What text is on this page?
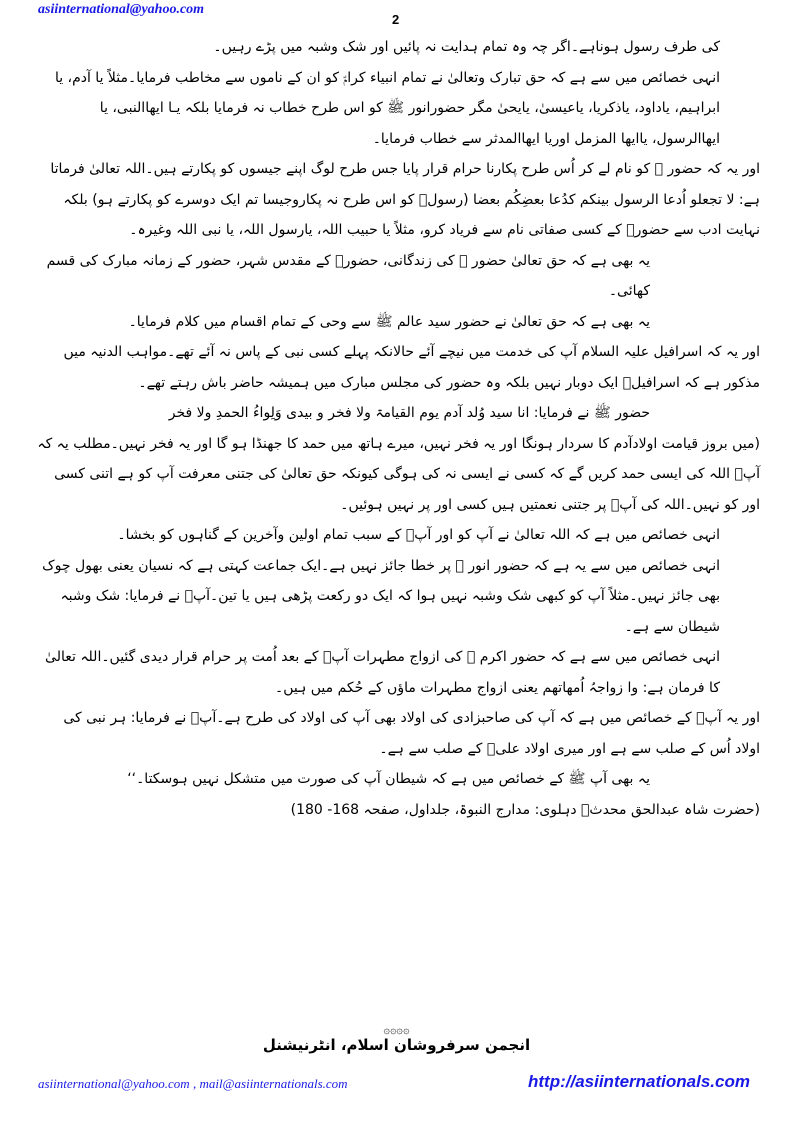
asiinternational@yahoo.com
2

کی طرف رسول ہوناہے۔اگر چہ وہ تمام ہدایت نہ پائیں اور شک وشبہ میں پڑے رہیں۔

انہی خصائص میں سے ہے کہ حق تبارک وتعالیٰ نے تمام انبیاء کرامؑ کو ان کے ناموں سے مخاطب فرمایا۔مثلاً یا آدم، یا ابراہیم، یاداود، یاذکریا، یاعیسیٰ، یایحیٰ مگر حضورانور ﷺ کو اس طرح خطاب نہ فرمایا بلکہ یـا ایھاالنبی، یا ایھاالرسول، یاایھا المزمل اوریا ایھاالمدثر سے خطاب فرمایا۔

اور یہ کہ حضور ﷺ کو نام لے کر اُس طرح پکارنا حرام قرار پایا جس طرح لوگ اپنے جیسوں کو پکارتے ہیں۔اللہ تعالیٰ فرماتا ہے: لا تجعلو اُدعا الرسول بینکم کدُعا بعضِکُم بعضا (رسولؐ کو اس طرح نہ پکاروجیسا تم ایک دوسرے کو پکارتے ہو) بلکہ نہایت ادب سے حضورؐ کے کسی صفاتی نام سے فریاد کرو، مثلاً یا حبیب اللہ، یارسول اللہ، یا نبی اللہ وغیرہ۔

یہ بھی ہے کہ حق تعالیٰ حضور ﷺ کی زندگانی، حضورؐ کے مقدس شہر، حضور کے زمانہ مبارک کی قسم کھائی۔

یہ بھی ہے کہ حق تعالیٰ نے حضور سید عالم ﷺ سے وحی کے تمام اقسام میں کلام فرمایا۔

اور یہ کہ اسرافیل علیہ السلام آپ کی خدمت میں نیچے آئے حالانکہ پہلے کسی نبی کے پاس نہ آئے تھے۔مواہب الدنیہ میں مذکور ہے کہ اسرافیلؑ ایک دوبار نہیں بلکہ وہ حضور کی مجلس مبارک میں ہمیشہ حاضر باش رہتے تھے۔

حضور ﷺ نے فرمایا: انا سید وُلد آدم یوم القیامۃ ولا فخر و بیدی وَلِواءُ الحمدِ ولا فخر

(میں بروز قیامت اولادآدم کا سردار ہونگا اور یہ فخر نہیں، میرے ہاتھ میں حمد کا جھنڈا ہو گا اور یہ فخر نہیں۔مطلب یہ کہ آپؐ اللہ کی ایسی حمد کریں گے کہ کسی نے ایسی نہ کی ہوگی کیونکہ حق تعالیٰ کی جتنی معرفت آپ کو ہے اتنی کسی اور کو نہیں۔اللہ کی آپؐ پر جتنی نعمتیں ہیں کسی اور پر نہیں ہوئیں۔

انہی خصائص میں ہے کہ اللہ تعالیٰ نے آپ کو اور آپؐ کے سبب تمام اولین وآخرین کے گناہوں کو بخشا۔

انہی خصائص میں سے یہ ہے کہ حضور انور ﷺ پر خطا جائز نہیں ہے۔ایک جماعت کہتی ہے کہ نسیان یعنی بھول چوک بھی جائز نہیں۔مثلاً آپ کو کبھی شک وشبہ نہیں ہوا کہ ایک دو رکعت پڑھی ہیں یا تین۔آپؐ نے فرمایا: شک وشبہ شیطان سے ہے۔

انہی خصائص میں سے ہے کہ حضور اکرم ﷺ کی ازواج مطہرات آپؐ کے بعد اُمت پر حرام قرار دیدی گئیں۔اللہ تعالیٰ کا فرمان ہے: وا زواجہُ اُمھاتھم یعنی ازواج مطہرات ماؤں کے حُکم میں ہیں۔

اور یہ آپؐ کے خصائص میں ہے کہ آپ کی صاحبزادی کی اولاد بھی آپ کی اولاد کی طرح ہے۔آپؐ نے فرمایا: ہر نبی کی اولاد اُس کے صلب سے ہے اور میری اولاد علیؑ کے صلب سے ہے۔

یہ بھی آپ ﷺ کے خصائص میں ہے کہ شیطان آپ کی صورت میں متشکل نہیں ہوسکتا۔‘‘

(حضرت شاہ عبدالحق محدثؒ دہلوی: مدارج النبوۃ، جلداول، صفحہ 168- 180)

۞۞۞۞
انجمن سرفروشان اسلام، انٹرنیشنل
asiinternational@yahoo.com , mail@asiinternationals.com	http://asiinternationals.com
